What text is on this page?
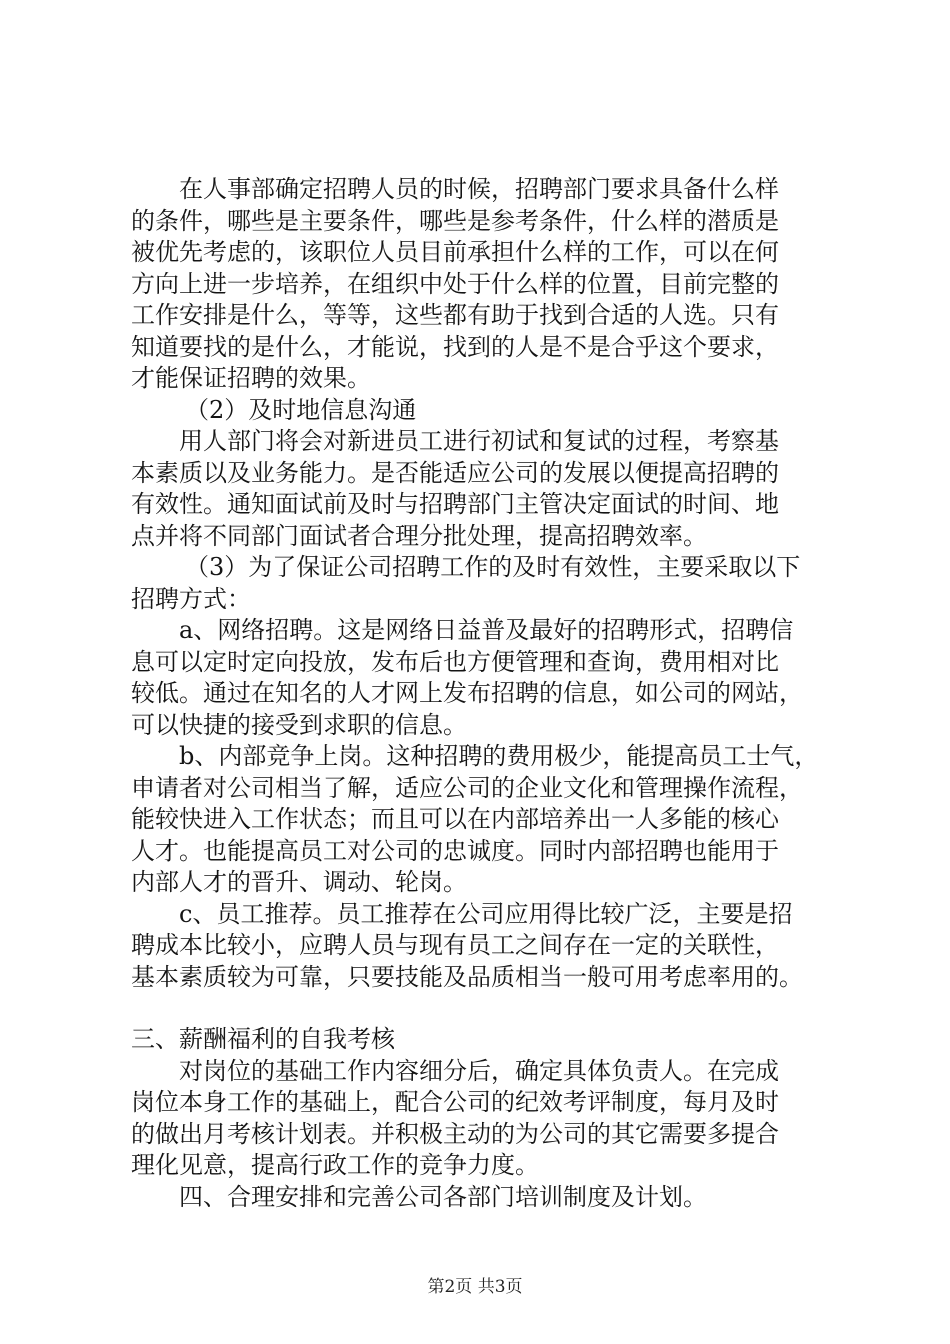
在人事部确定招聘人员的时候，招聘部门要求具备什么样
的条件，哪些是主要条件，哪些是参考条件，什么样的潜质是
被优先考虑的，该职位人员目前承担什么样的工作，可以在何
方向上进一步培养，在组织中处于什么样的位置，目前完整的
工作安排是什么，等等，这些都有助于找到合适的人选。只有
知道要找的是什么，才能说，找到的人是不是合乎这个要求，
才能保证招聘的效果。
（2）及时地信息沟通
用人部门将会对新进员工进行初试和复试的过程，考察基
本素质以及业务能力。是否能适应公司的发展以便提高招聘的
有效性。通知面试前及时与招聘部门主管决定面试的时间、地
点并将不同部门面试者合理分批处理，提高招聘效率。
（3）为了保证公司招聘工作的及时有效性，主要采取以下
招聘方式：
a、网络招聘。这是网络日益普及最好的招聘形式，招聘信
息可以定时定向投放，发布后也方便管理和查询，费用相对比
较低。通过在知名的人才网上发布招聘的信息，如公司的网站，
可以快捷的接受到求职的信息。
b、内部竞争上岗。这种招聘的费用极少，能提高员工士气，
申请者对公司相当了解，适应公司的企业文化和管理操作流程，
能较快进入工作状态；而且可以在内部培养出一人多能的核心
人才。也能提高员工对公司的忠诚度。同时内部招聘也能用于
内部人才的晋升、调动、轮岗。
c、员工推荐。员工推荐在公司应用得比较广泛，主要是招
聘成本比较小，应聘人员与现有员工之间存在一定的关联性，
基本素质较为可靠，只要技能及品质相当一般可用考虑率用的。
三、薪酬福利的自我考核
对岗位的基础工作内容细分后，确定具体负责人。在完成
岗位本身工作的基础上，配合公司的纪效考评制度，每月及时
的做出月考核计划表。并积极主动的为公司的其它需要多提合
理化见意，提高行政工作的竞争力度。
四、合理安排和完善公司各部门培训制度及计划。
第2页 共3页
